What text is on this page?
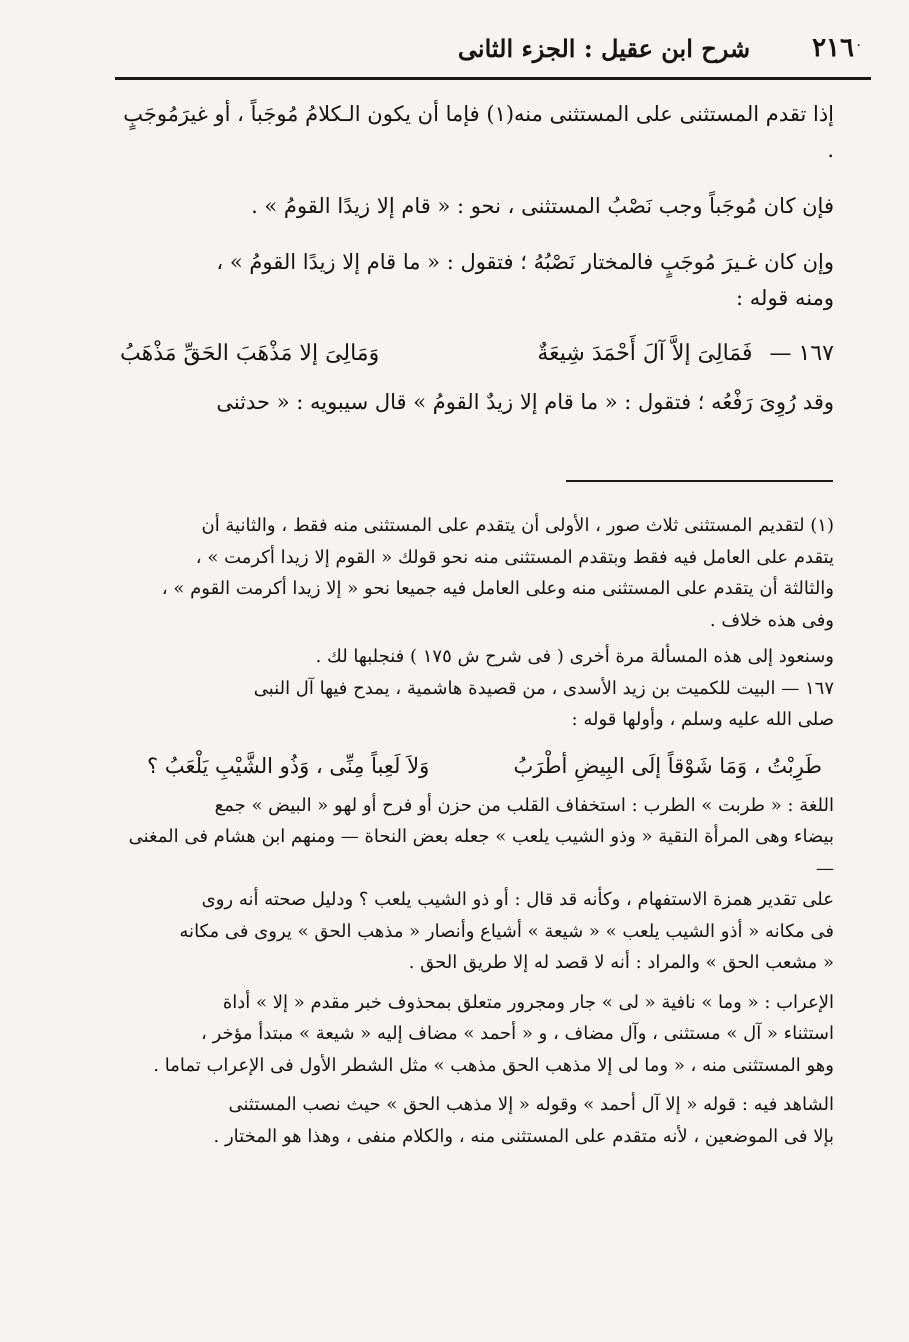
٢١٦
شرح ابن عقيل : الجزء الثانى	·

إذا تقدم المستثنى على المستثنى منه(١) فإما أن يكون الـكلامُ مُوجَباً ، أو غيرَمُوجَبٍ .

فإن كان مُوجَباً وجب نَصْبُ المستثنى ، نحو : « قام إلا زيدًا القومُ » .

وإن كان غـيرَ مُوجَبٍ فالمختار نَصْبُهُ ؛ فتقول : « ما قام إلا زيدًا القومُ » ،

ومنه قوله :

١٦٧ — فَمَالِىَ إلاَّ آلَ أَحْمَدَ شِيعَةٌ
وَمَالِىَ إلا مَذْهَبَ الحَقِّ مَذْهَبُ

وقد رُوِىَ رَفْعُه ؛ فتقول : « ما قام إلا زيدٌ القومُ » قال سيبويه : « حدثنى

(١) لتقديم المستثنى ثلاث صور ، الأولى أن يتقدم على المستثنى منه فقط ، والثانية أن

يتقدم على العامل فيه فقط وبتقدم المستثنى منه نحو قولك « القوم إلا زيدا أكرمت » ،

والثالثة أن يتقدم على المستثنى منه وعلى العامل فيه جميعا نحو « إلا زيدا أكرمت القوم » ،

وفى هذه خلاف .

وسنعود إلى هذه المسألة مرة أخرى ( فى شرح ش ١٧٥ ) فنجلبها لك .

١٦٧ — البيت للكميت بن زيد الأسدى ، من قصيدة هاشمية ، يمدح فيها آل النبى

صلى الله عليه وسلم ، وأولها قوله :

طَرِبْتُ ، وَمَا شَوْقاً إلَى البِيضِ أطْرَبُ
وَلاَ لَعِباً مِنِّى ، وَذُو الشَّيْبِ يَلْعَبُ ؟

اللغة : « طربت » الطرب : استخفاف القلب من حزن أو فرح أو لهو « البيض » جمع

بيضاء وهى المرأة النقية « وذو الشيب يلعب » جعله بعض النحاة — ومنهم ابن هشام فى المغنى —

على تقدير همزة الاستفهام ، وكأنه قد قال : أو ذو الشيب يلعب ؟ ودليل صحته أنه روى

فى مكانه « أذو الشيب يلعب » « شيعة » أشياع وأنصار « مذهب الحق » يروى فى مكانه

« مشعب الحق » والمراد : أنه لا قصد له إلا طريق الحق .

الإعراب : « وما » نافية « لى » جار ومجرور متعلق بمحذوف خبر مقدم « إلا » أداة

استثناء « آل » مستثنى ، وآل مضاف ، و « أحمد » مضاف إليه « شيعة » مبتدأ مؤخر ،

وهو المستثنى منه ، « وما لى إلا مذهب الحق مذهب » مثل الشطر الأول فى الإعراب تماما .

الشاهد فيه : قوله « إلا آل أحمد » وقوله « إلا مذهب الحق » حيث نصب المستثنى

بإلا فى الموضعين ، لأنه متقدم على المستثنى منه ، والكلام منفى ، وهذا هو المختار .
